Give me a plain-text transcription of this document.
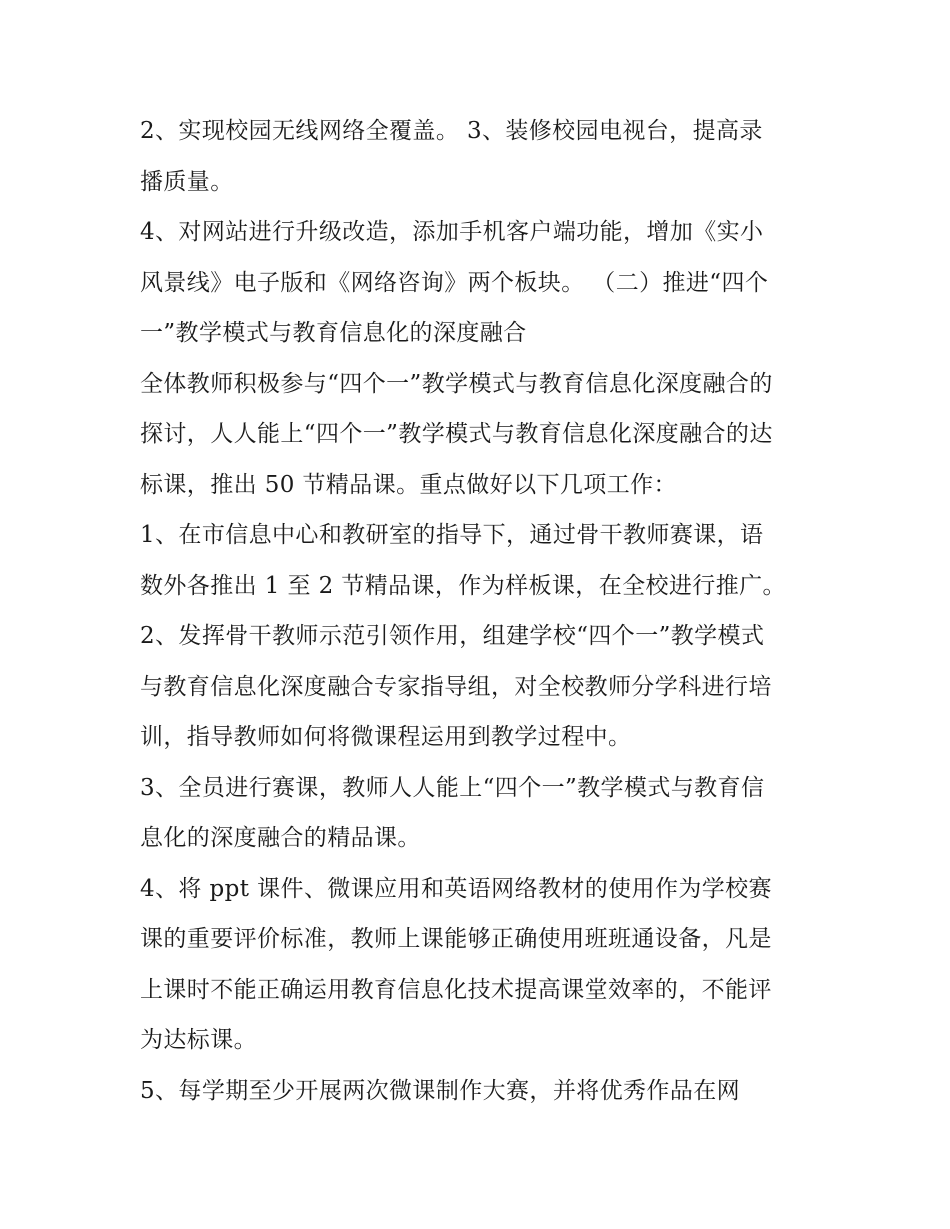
2、实现校园无线网络全覆盖。 3、装修校园电视台，提高录
播质量。
4、对网站进行升级改造，添加手机客户端功能，增加《实小
风景线》电子版和《网络咨询》两个板块。 （二）推进“四个
一”教学模式与教育信息化的深度融合
全体教师积极参与“四个一”教学模式与教育信息化深度融合的
探讨，人人能上“四个一”教学模式与教育信息化深度融合的达
标课，推出 50 节精品课。重点做好以下几项工作：
1、在市信息中心和教研室的指导下，通过骨干教师赛课，语
数外各推出 1 至 2 节精品课，作为样板课，在全校进行推广。
2、发挥骨干教师示范引领作用，组建学校“四个一”教学模式
与教育信息化深度融合专家指导组，对全校教师分学科进行培
训，指导教师如何将微课程运用到教学过程中。
3、全员进行赛课，教师人人能上“四个一”教学模式与教育信
息化的深度融合的精品课。
4、将 ppt 课件、微课应用和英语网络教材的使用作为学校赛
课的重要评价标准，教师上课能够正确使用班班通设备，凡是
上课时不能正确运用教育信息化技术提高课堂效率的，不能评
为达标课。
5、每学期至少开展两次微课制作大赛，并将优秀作品在网
